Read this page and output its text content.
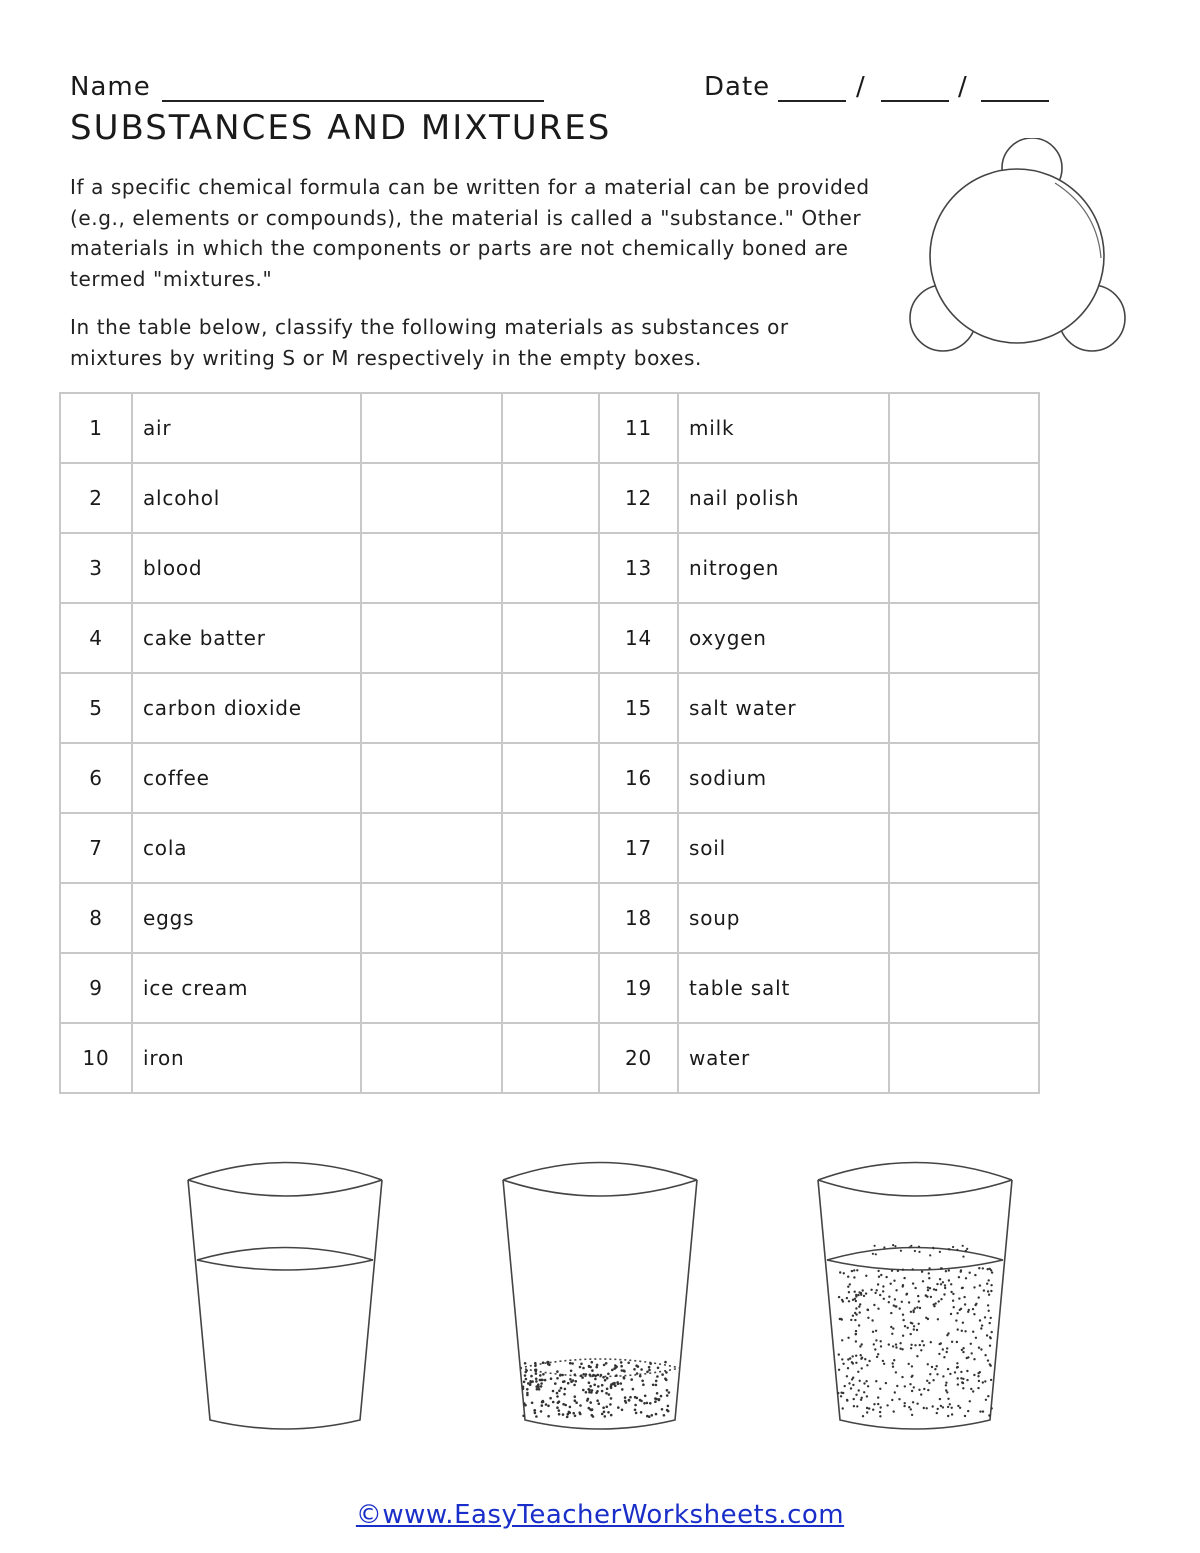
Name	Date	/	/
SUBSTANCES AND MIXTURES
If a specific chemical formula can be written for a material can be provided (e.g., elements or compounds), the material is called a "substance." Other materials in which the components or parts are not chemically boned are termed "mixtures."
In the table below, classify the following materials as substances or mixtures by writing S or M respectively in the empty boxes.
1	air			11	milk	
2	alcohol			12	nail polish	
3	blood			13	nitrogen	
4	cake batter			14	oxygen	
5	carbon dioxide			15	salt water	
6	coffee			16	sodium	
7	cola			17	soil	
8	eggs			18	soup	
9	ice cream			19	table salt	
10	iron			20	water	
©www.EasyTeacherWorksheets.com
